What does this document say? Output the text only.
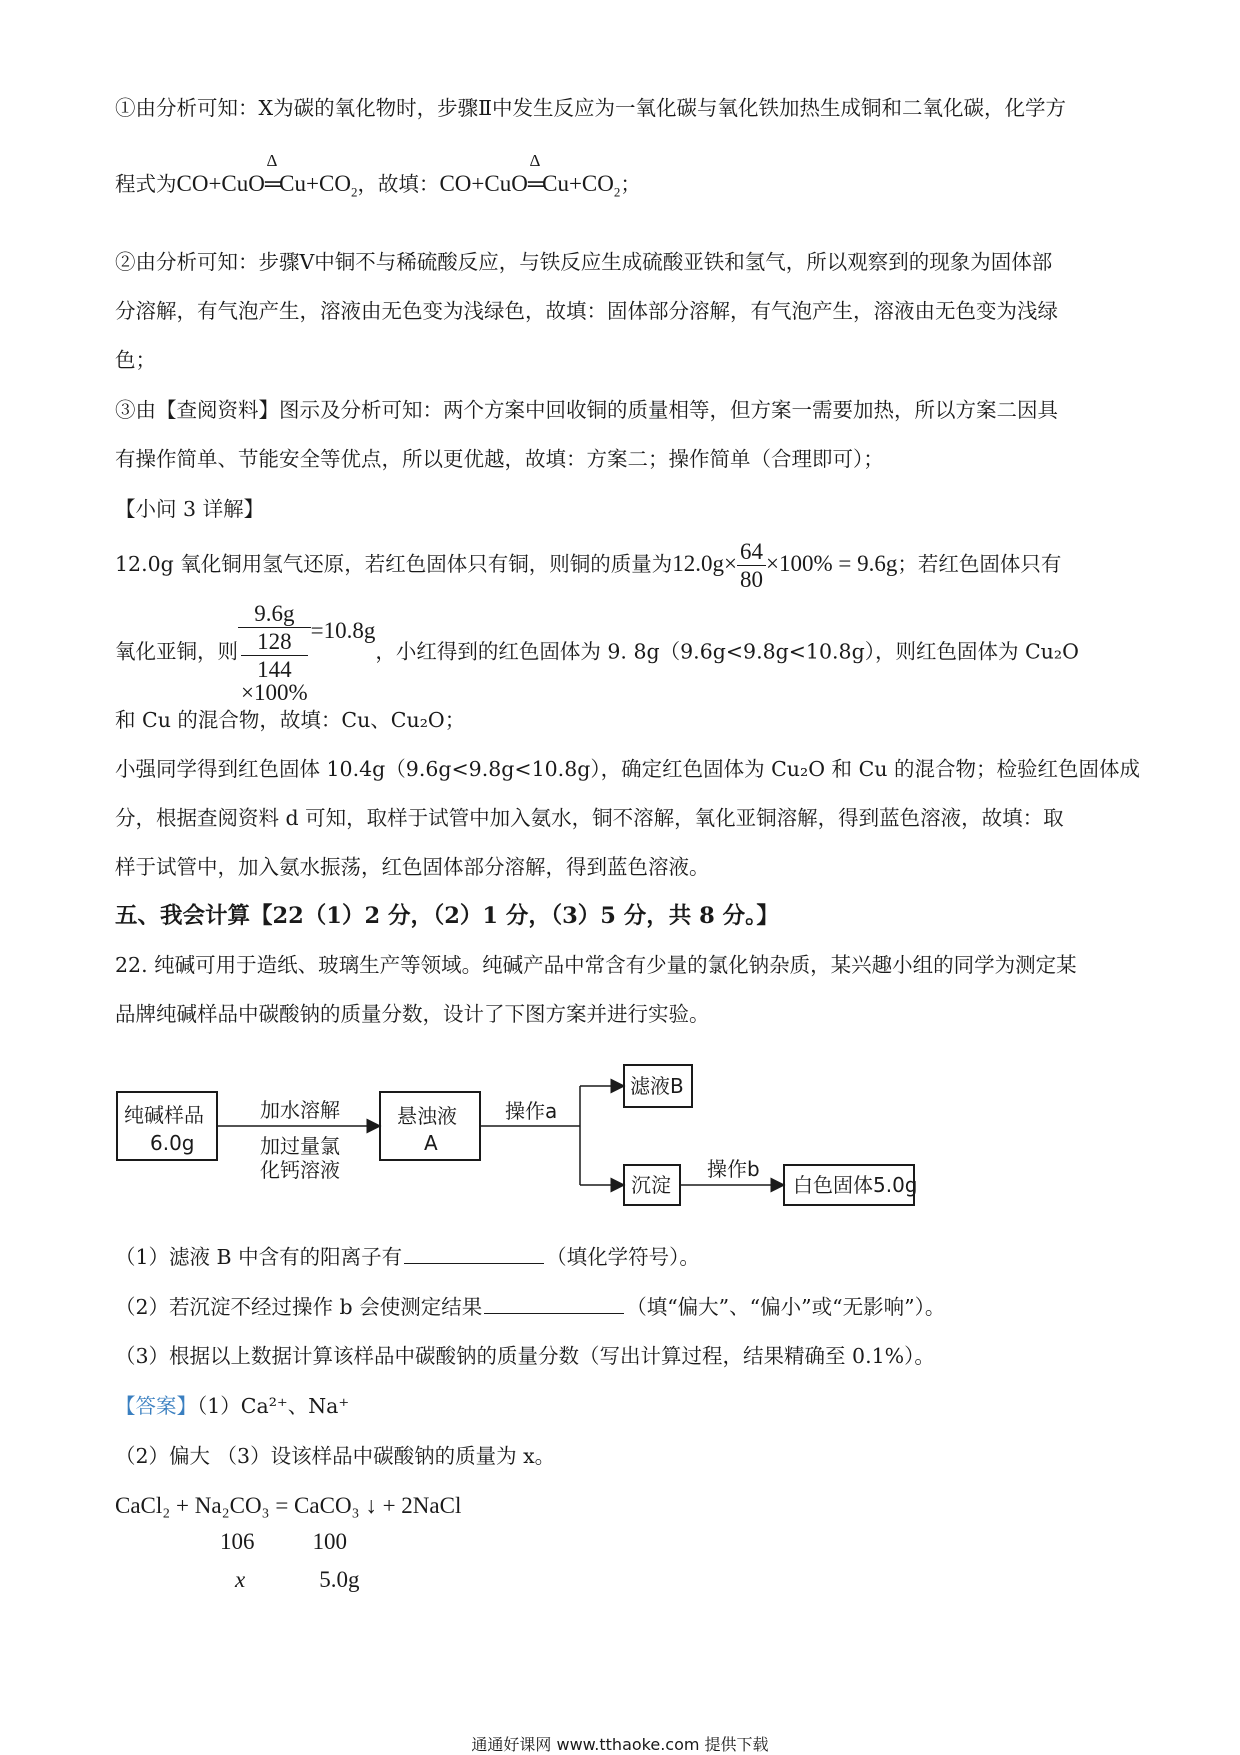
①由分析可知：X为碳的氧化物时，步骤Ⅱ中发生反应为一氧化碳与氧化铁加热生成铜和二氧化碳，化学方
程式为CO+CuO
Δ
$═Cu+CO_2$，故填：CO+CuO
Δ
$═Cu+CO_2$；
②由分析可知：步骤Ⅴ中铜不与稀硫酸反应，与铁反应生成硫酸亚铁和氢气，所以观察到的现象为固体部
分溶解，有气泡产生，溶液由无色变为浅绿色，故填：固体部分溶解，有气泡产生，溶液由无色变为浅绿
色；
③由【查阅资料】图示及分析可知：两个方案中回收铜的质量相等，但方案一需要加热，所以方案二因具
有操作简单、节能安全等优点，所以更优越，故填：方案二；操作简单（合理即可）；
【小问 3 详解】
12.0g 氧化铜用氢气还原，若红色固体只有铜，则铜的质量为$12.0g\times \frac{64}{80} \times 100\% = 9.6g$；若红色固体只有
氧化亚铜，则 9.6g
128
144
×100% =10.8g，小红得到的红色固体为 9. 8g（9.6g<9.8g<10.8g），则红色固体为 Cu₂O
和 Cu 的混合物，故填：Cu、Cu₂O；
小强同学得到红色固体 10.4g（9.6g<9.8g<10.8g），确定红色固体为 Cu₂O 和 Cu 的混合物；检验红色固体成
分，根据查阅资料 d 可知，取样于试管中加入氨水，铜不溶解，氧化亚铜溶解，得到蓝色溶液，故填：取
样于试管中，加入氨水振荡，红色固体部分溶解，得到蓝色溶液。
五、我会计算【22（1）2 分，（2）1 分，（3）5 分，共 8 分。】
22. 纯碱可用于造纸、玻璃生产等领域。纯碱产品中常含有少量的氯化钠杂质，某兴趣小组的同学为测定某
品牌纯碱样品中碳酸钠的质量分数，设计了下图方案并进行实验。
纯碱样品
6.0g
加水溶解
加过量氯
化钙溶液
悬浊液
A
操作a
滤液B
沉淀
操作b
白色固体5.0g
（1）滤液 B 中含有的阳离子有	（填化学符号）。
（2）若沉淀不经过操作 b 会使测定结果	（填“偏大”、“偏小”或“无影响”）。
（3）根据以上数据计算该样品中碳酸钠的质量分数（写出计算过程，结果精确至 0.1%）。
【答案】（1）Ca²⁺、Na⁺
（2）偏大 （3）设该样品中碳酸钠的质量为 x。
CaCl₂ + Na₂CO₃ = CaCO₃ ↓ + 2NaCl
106	100
x	5.0g
通通好课网 www.tthaoke.com 提供下载
